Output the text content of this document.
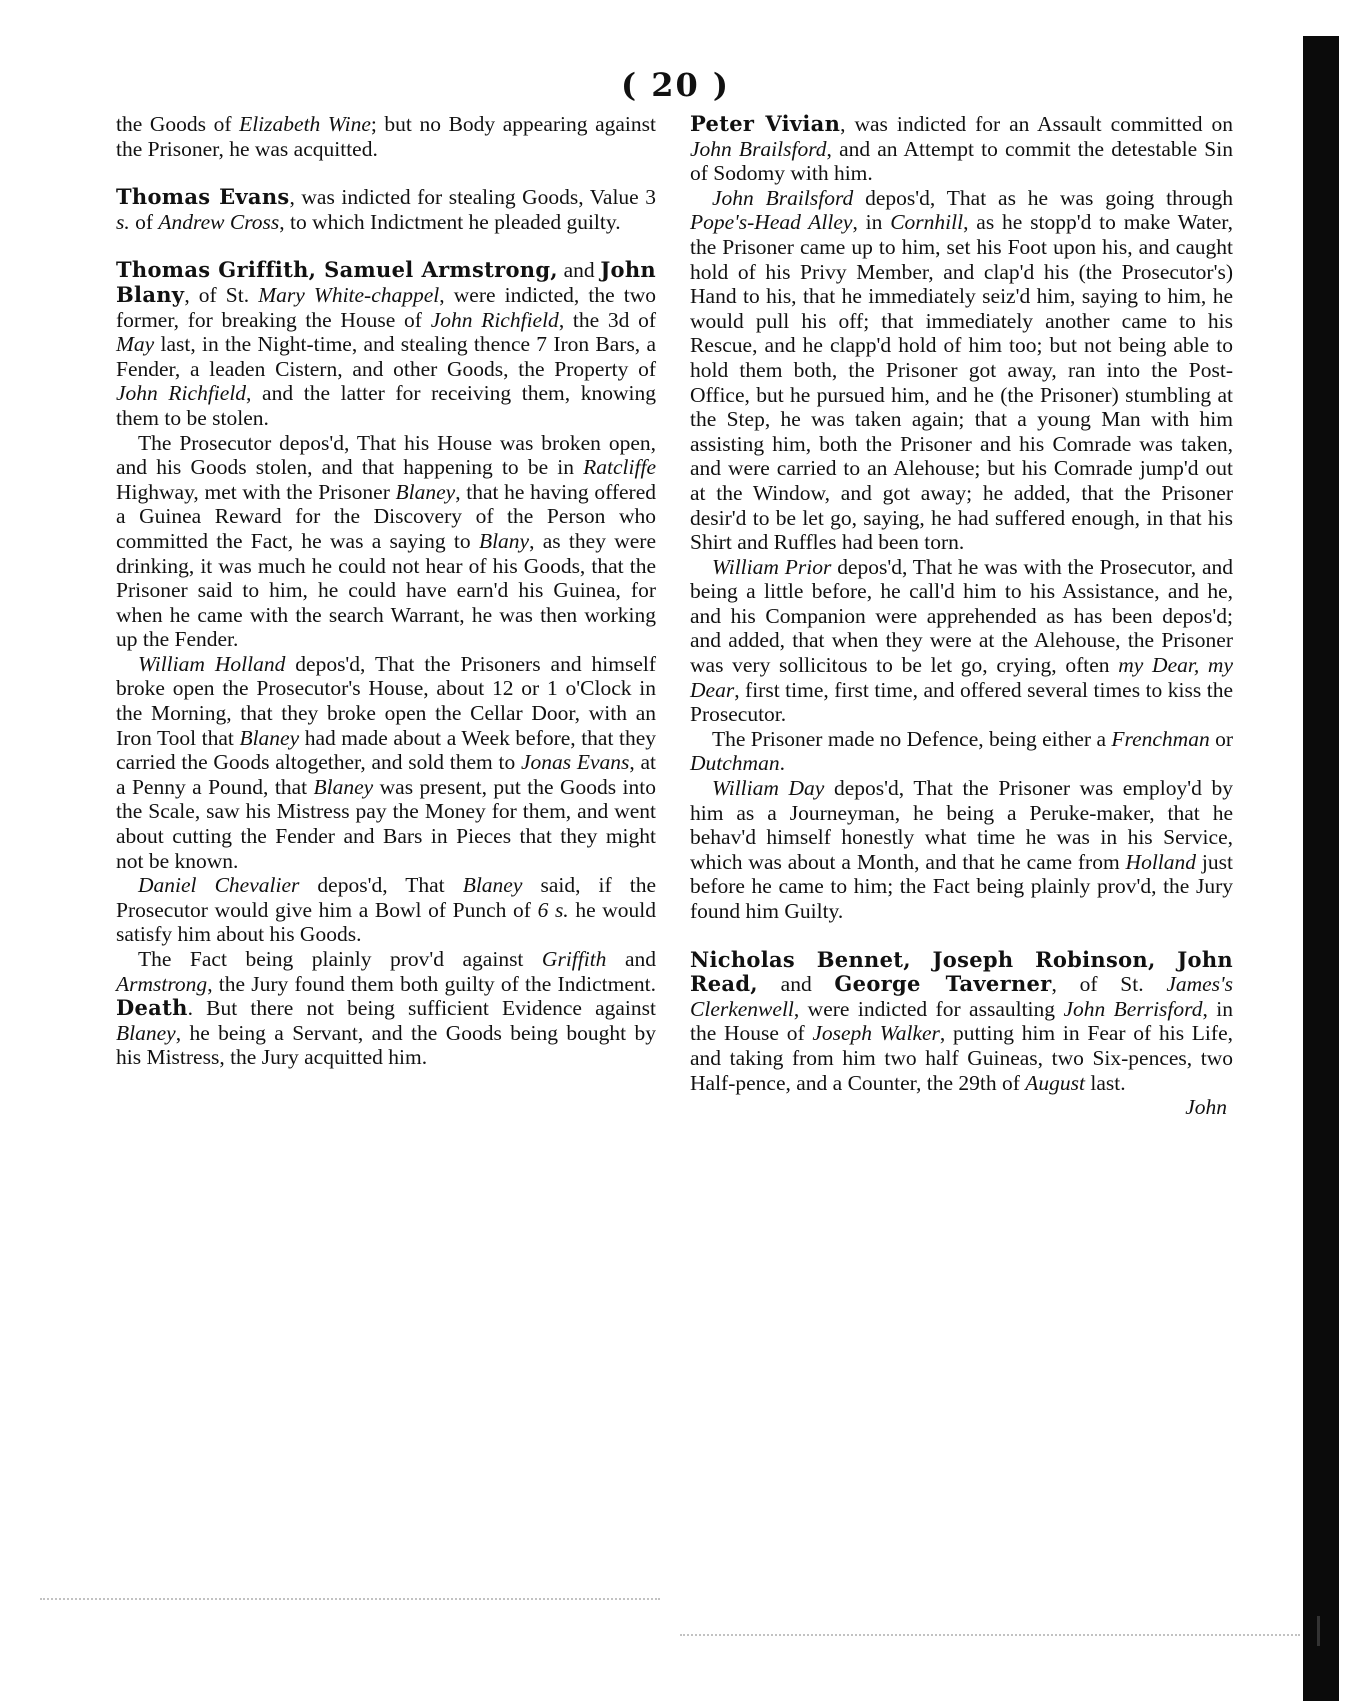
( 20 )

the Goods of Elizabeth Wine; but no Body appearing against the Prisoner, he was acquitted.

Thomas Evans, was indicted for stealing Goods, Value 3 s. of Andrew Cross, to which Indictment he pleaded guilty.

Thomas Griffith, Samuel Armstrong, and John Blany, of St. Mary White-chappel, were indicted, the two former, for breaking the House of John Richfield, the 3d of May last, in the Night-time, and stealing thence 7 Iron Bars, a Fender, a leaden Cistern, and other Goods, the Property of John Richfield, and the latter for receiving them, knowing them to be stolen.

The Prosecutor depos'd, That his House was broken open, and his Goods stolen, and that happening to be in Ratcliffe Highway, met with the Prisoner Blaney, that he having offered a Guinea Reward for the Discovery of the Person who committed the Fact, he was a saying to Blany, as they were drinking, it was much he could not hear of his Goods, that the Prisoner said to him, he could have earn'd his Guinea, for when he came with the search Warrant, he was then working up the Fender.

William Holland depos'd, That the Prisoners and himself broke open the Prosecutor's House, about 12 or 1 o'Clock in the Morning, that they broke open the Cellar Door, with an Iron Tool that Blaney had made about a Week before, that they carried the Goods altogether, and sold them to Jonas Evans, at a Penny a Pound, that Blaney was present, put the Goods into the Scale, saw his Mistress pay the Money for them, and went about cutting the Fender and Bars in Pieces that they might not be known.

Daniel Chevalier depos'd, That Blaney said, if the Prosecutor would give him a Bowl of Punch of 6 s. he would satisfy him about his Goods.

The Fact being plainly prov'd against Griffith and Armstrong, the Jury found them both guilty of the Indictment. Death. But there not being sufficient Evidence against Blaney, he being a Servant, and the Goods being bought by his Mistress, the Jury acquitted him.

Peter Vivian, was indicted for an Assault committed on John Brailsford, and an Attempt to commit the detestable Sin of Sodomy with him.

John Brailsford depos'd, That as he was going through Pope's-Head Alley, in Cornhill, as he stopp'd to make Water, the Prisoner came up to him, set his Foot upon his, and caught hold of his Privy Member, and clap'd his (the Prosecutor's) Hand to his, that he immediately seiz'd him, saying to him, he would pull his off; that immediately another came to his Rescue, and he clapp'd hold of him too; but not being able to hold them both, the Prisoner got away, ran into the Post-Office, but he pursued him, and he (the Prisoner) stumbling at the Step, he was taken again; that a young Man with him assisting him, both the Prisoner and his Comrade was taken, and were carried to an Alehouse; but his Comrade jump'd out at the Window, and got away; he added, that the Prisoner desir'd to be let go, saying, he had suffered enough, in that his Shirt and Ruffles had been torn.

William Prior depos'd, That he was with the Prosecutor, and being a little before, he call'd him to his Assistance, and he, and his Companion were apprehended as has been depos'd; and added, that when they were at the Alehouse, the Prisoner was very sollicitous to be let go, crying, often my Dear, my Dear, first time, first time, and offered several times to kiss the Prosecutor.

The Prisoner made no Defence, being either a Frenchman or Dutchman.

William Day depos'd, That the Prisoner was employ'd by him as a Journeyman, he being a Peruke-maker, that he behav'd himself honestly what time he was in his Service, which was about a Month, and that he came from Holland just before he came to him; the Fact being plainly prov'd, the Jury found him Guilty.

Nicholas Bennet, Joseph Robinson, John Read, and George Taverner, of St. James's Clerkenwell, were indicted for assaulting John Berrisford, in the House of Joseph Walker, putting him in Fear of his Life, and taking from him two half Guineas, two Six-pences, two Half-pence, and a Counter, the 29th of August last.

John
